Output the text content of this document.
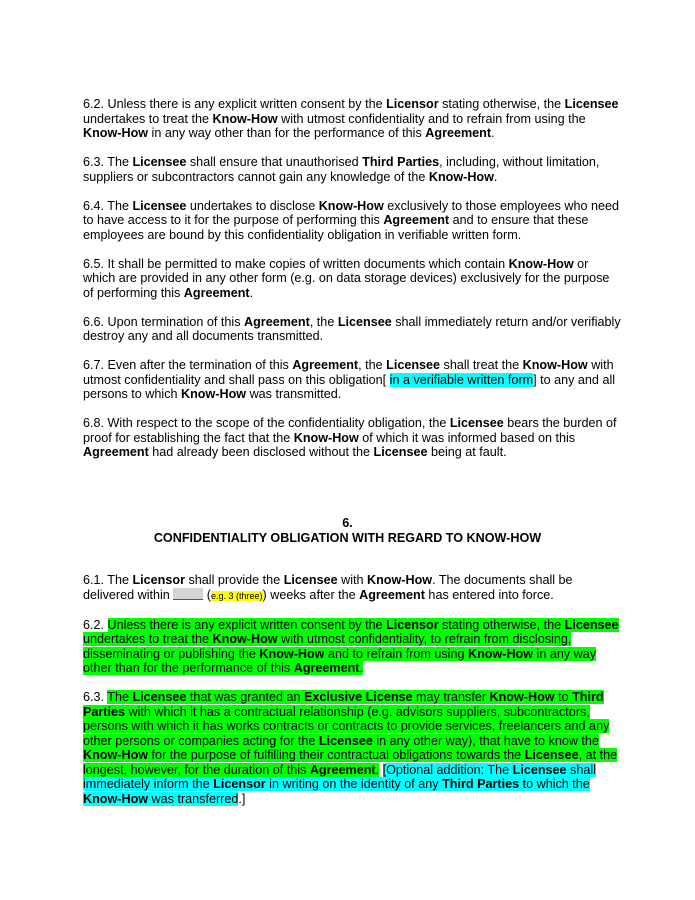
6.2. Unless there is any explicit written consent by the Licensor stating otherwise, the Licensee undertakes to treat the Know-How with utmost confidentiality and to refrain from using the Know-How in any way other than for the performance of this Agreement.

6.3. The Licensee shall ensure that unauthorised Third Parties, including, without limitation, suppliers or subcontractors cannot gain any knowledge of the Know-How.

6.4. The Licensee undertakes to disclose Know-How exclusively to those employees who need to have access to it for the purpose of performing this Agreement and to ensure that these employees are bound by this confidentiality obligation in verifiable written form.

6.5. It shall be permitted to make copies of written documents which contain Know-How or which are provided in any other form (e.g. on data storage devices) exclusively for the purpose of performing this Agreement.

6.6. Upon termination of this Agreement, the Licensee shall immediately return and/or verifiably destroy any and all documents transmitted.

6.7. Even after the termination of this Agreement, the Licensee shall treat the Know-How with utmost confidentiality and shall pass on this obligation[ in a verifiable written form] to any and all persons to which Know-How was transmitted.

6.8. With respect to the scope of the confidentiality obligation, the Licensee bears the burden of proof for establishing the fact that the Know-How of which it was informed based on this Agreement had already been disclosed without the Licensee being at fault.

6.
CONFIDENTIALITY OBLIGATION WITH REGARD TO KNOW-HOW

6.1. The Licensor shall provide the Licensee with Know-How. The documents shall be delivered within  (e.g. 3 (three)) weeks after the Agreement has entered into force.

6.2. Unless there is any explicit written consent by the Licensor stating otherwise, the Licensee undertakes to treat the Know-How with utmost confidentiality, to refrain from disclosing, disseminating or publishing the Know-How and to refrain from using Know-How in any way other than for the performance of this Agreement.

6.3. The Licensee that was granted an Exclusive License may transfer Know-How to Third Parties with which it has a contractual relationship (e.g. advisors suppliers, subcontractors, persons with which it has works contracts or contracts to provide services, freelancers and any other persons or companies acting for the Licensee in any other way), that have to know the Know-How for the purpose of fulfilling their contractual obligations towards the Licensee, at the longest, however, for the duration of this Agreement. [Optional addition: The Licensee shall immediately inform the Licensor in writing on the identity of any Third Parties to which the Know-How was transferred.]
